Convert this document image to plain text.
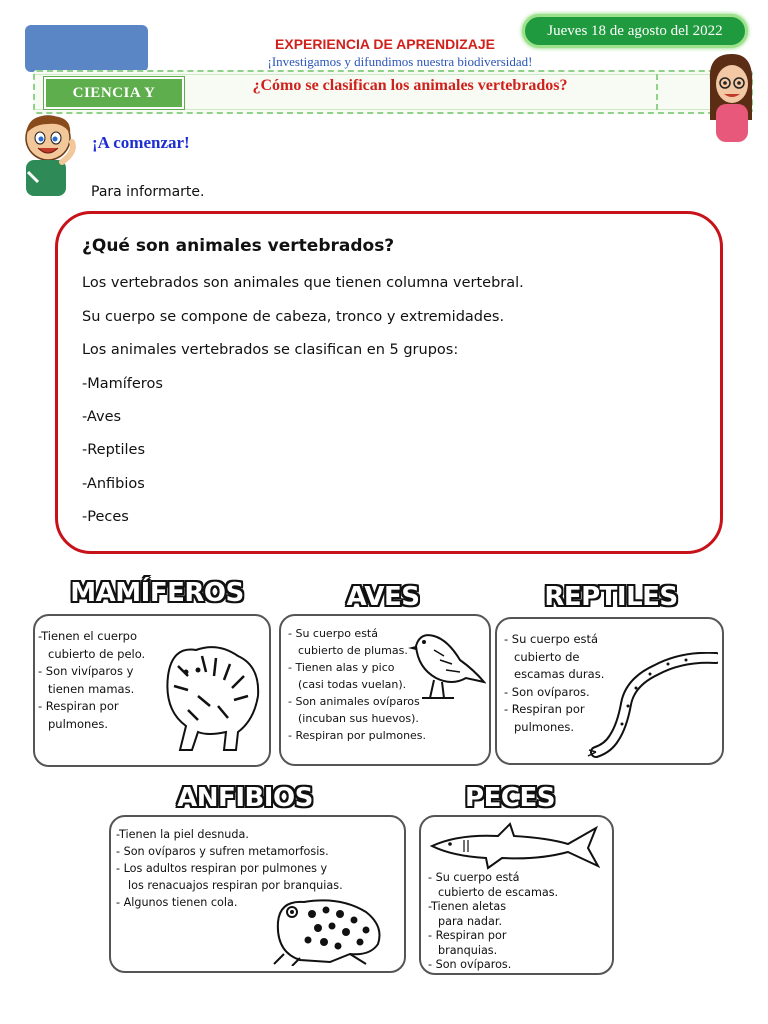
Jueves 18 de agosto del 2022
EXPERIENCIA DE APRENDIZAJE
¡Investigamos y difundimos nuestra biodiversidad!
CIENCIA Y	¿Cómo se clasifican los animales vertebrados?
¡A comenzar!
Para informarte.
¿Qué son animales vertebrados?
Los vertebrados son animales que tienen columna vertebral.
Su cuerpo se compone de cabeza, tronco y extremidades.
Los animales vertebrados se clasifican en 5 grupos:
-Mamíferos
-Aves
-Reptiles
-Anfibios
-Peces
MAMÍFEROS
-Tienen el cuerpo
cubierto de pelo.
- Son vivíparos y
tienen mamas.
- Respiran por
pulmones.
AVES
- Su cuerpo está
cubierto de plumas.
- Tienen alas y pico
(casi todas vuelan).
- Son animales ovíparos
(incuban sus huevos).
- Respiran por pulmones.
REPTILES
- Su cuerpo está
cubierto de
escamas duras.
- Son ovíparos.
- Respiran por
pulmones.
ANFIBIOS
-Tienen la piel desnuda.
- Son ovíparos y sufren metamorfosis.
- Los adultos respiran por pulmones y
los renacuajos respiran por branquias.
- Algunos tienen cola.
PECES
- Su cuerpo está
cubierto de escamas.
-Tienen aletas
para nadar.
- Respiran por
branquias.
- Son ovíparos.
